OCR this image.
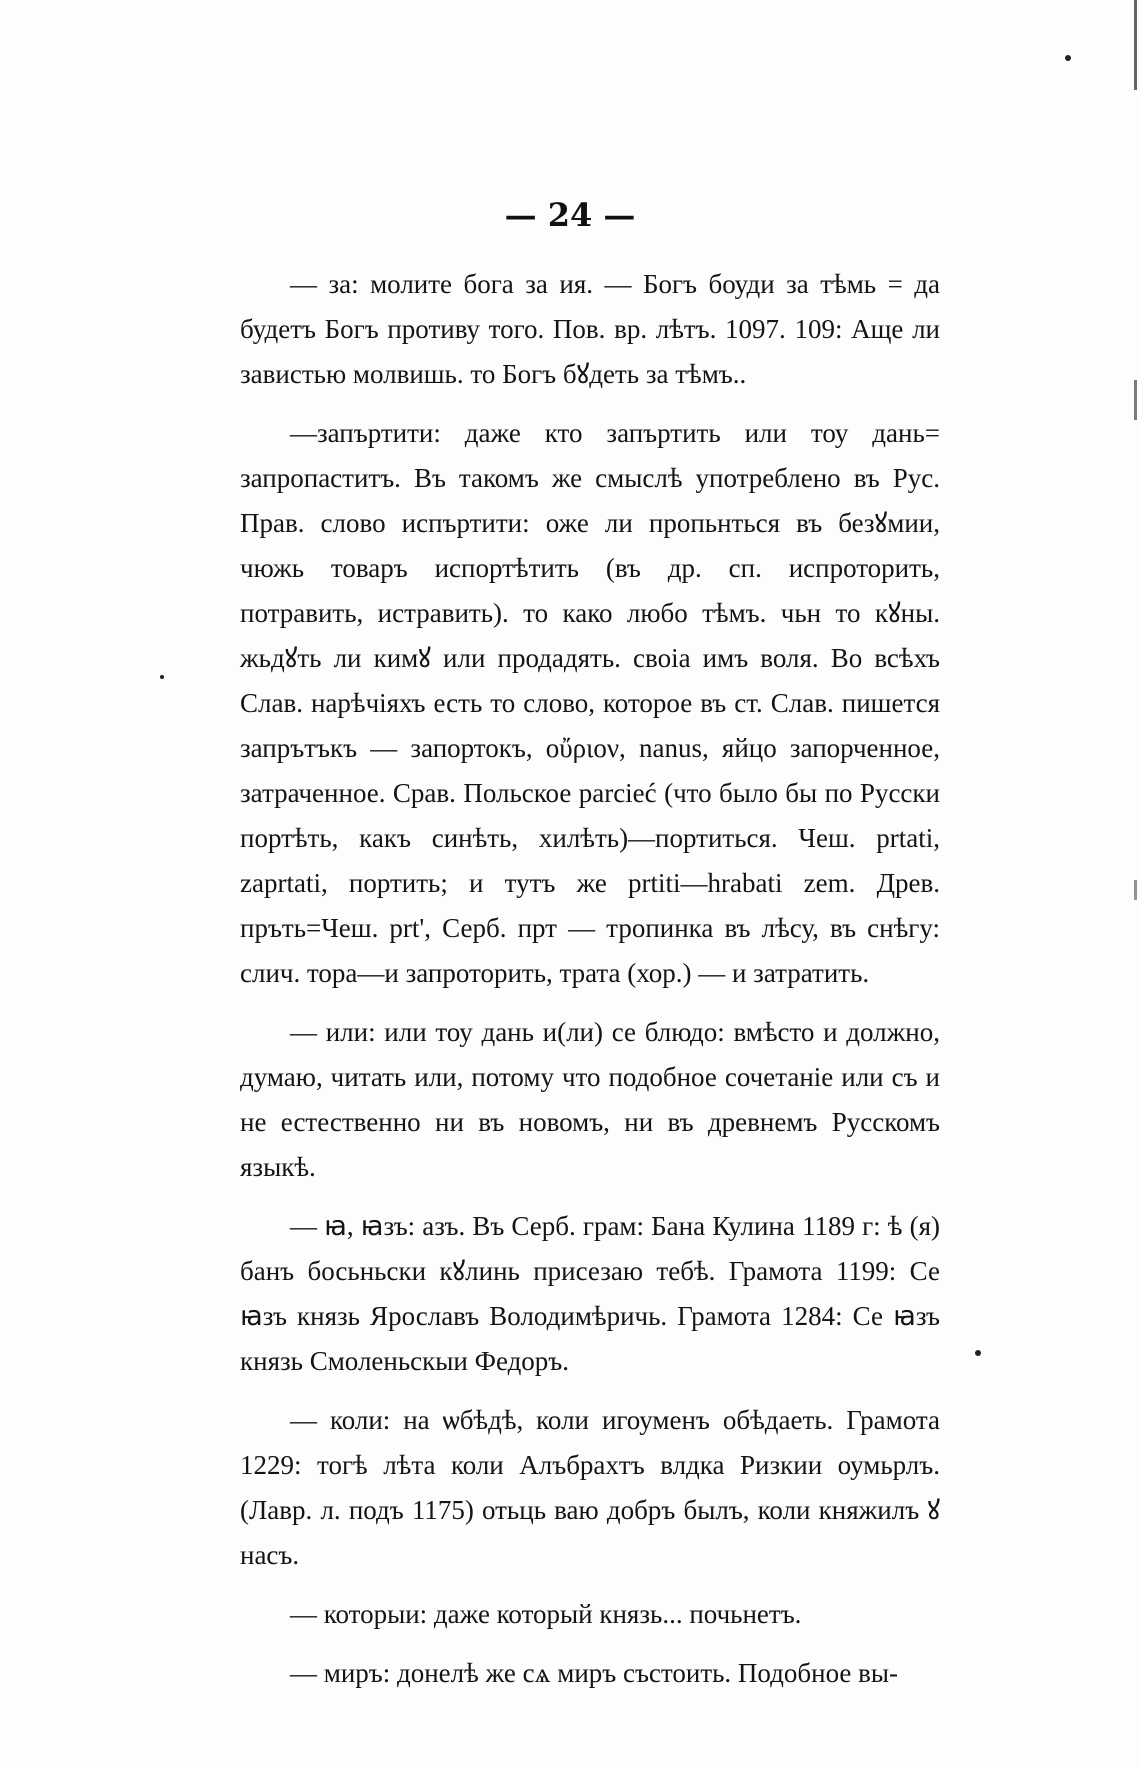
— 24 —

— за: молите бога за ия. — Богъ боуди за тѣмь = да будетъ Богъ противу того. Пов. вр. лѣтъ. 1097. 109: Аще ли завистью молвишь. то Богъ бꙋдеть за тѣмъ..

—запъртити: даже кто запъртить или тоу дань= запропаститъ. Въ такомъ же смыслѣ употреблено въ Рус. Прав. слово испъртити: оже ли пропьнться въ безꙋмии, чюжь товаръ испортѣтить (въ др. сп. испроторить, потравить, истравить). то како любо тѣмъ. чьн то кꙋны. жьдꙋть ли кимꙋ или продадять. своiа имъ воля. Во всѣхъ Слав. нарѣчіяхъ есть то слово, которое въ ст. Слав. пишется запрътъкъ — запортокъ, οὔριον, nanus, яйцо запорченное, затраченное. Срав. Польское parcieć (что было бы по Русски портѣть, какъ синѣть, хилѣть)—портиться. Чеш. prtati, zaprtati, портить; и тутъ же prtiti—hrabati zem. Древ. пръть=Чеш. prt', Серб. прт — тропинка въ лѣсу, въ снѣгу: слич. тора—и запроторить, трата (хор.) — и затратить.

— или: или тоу дань и(ли) се блюдо: вмѣсто и должно, думаю, читать или, потому что подобное сочетаніе или съ и не естественно ни въ новомъ, ни въ древнемъ Русскомъ языкѣ.

— ꙗ, ꙗзъ: азъ. Въ Серб. грам: Бана Кулина 1189 г: ѣ (я) банъ босьньски кꙋлинь присезаю тебѣ. Грамота 1199: Се ꙗзъ князь Ярославъ Володимѣричь. Грамота 1284: Се ꙗзъ князь Смоленьскыи Федоръ.

— коли: на ѡбѣдѣ, коли игоуменъ обѣдаеть. Грамота 1229: тогѣ лѣта коли Алъбраxтъ влдка Ризкии оумьрлъ. (Лавр. л. подъ 1175) отьць ваю добръ былъ, коли княжилъ ꙋ насъ.

— которыи: даже который князь... почьнетъ.

— миръ: донелѣ же сѧ миръ състоить. Подобное вы-
